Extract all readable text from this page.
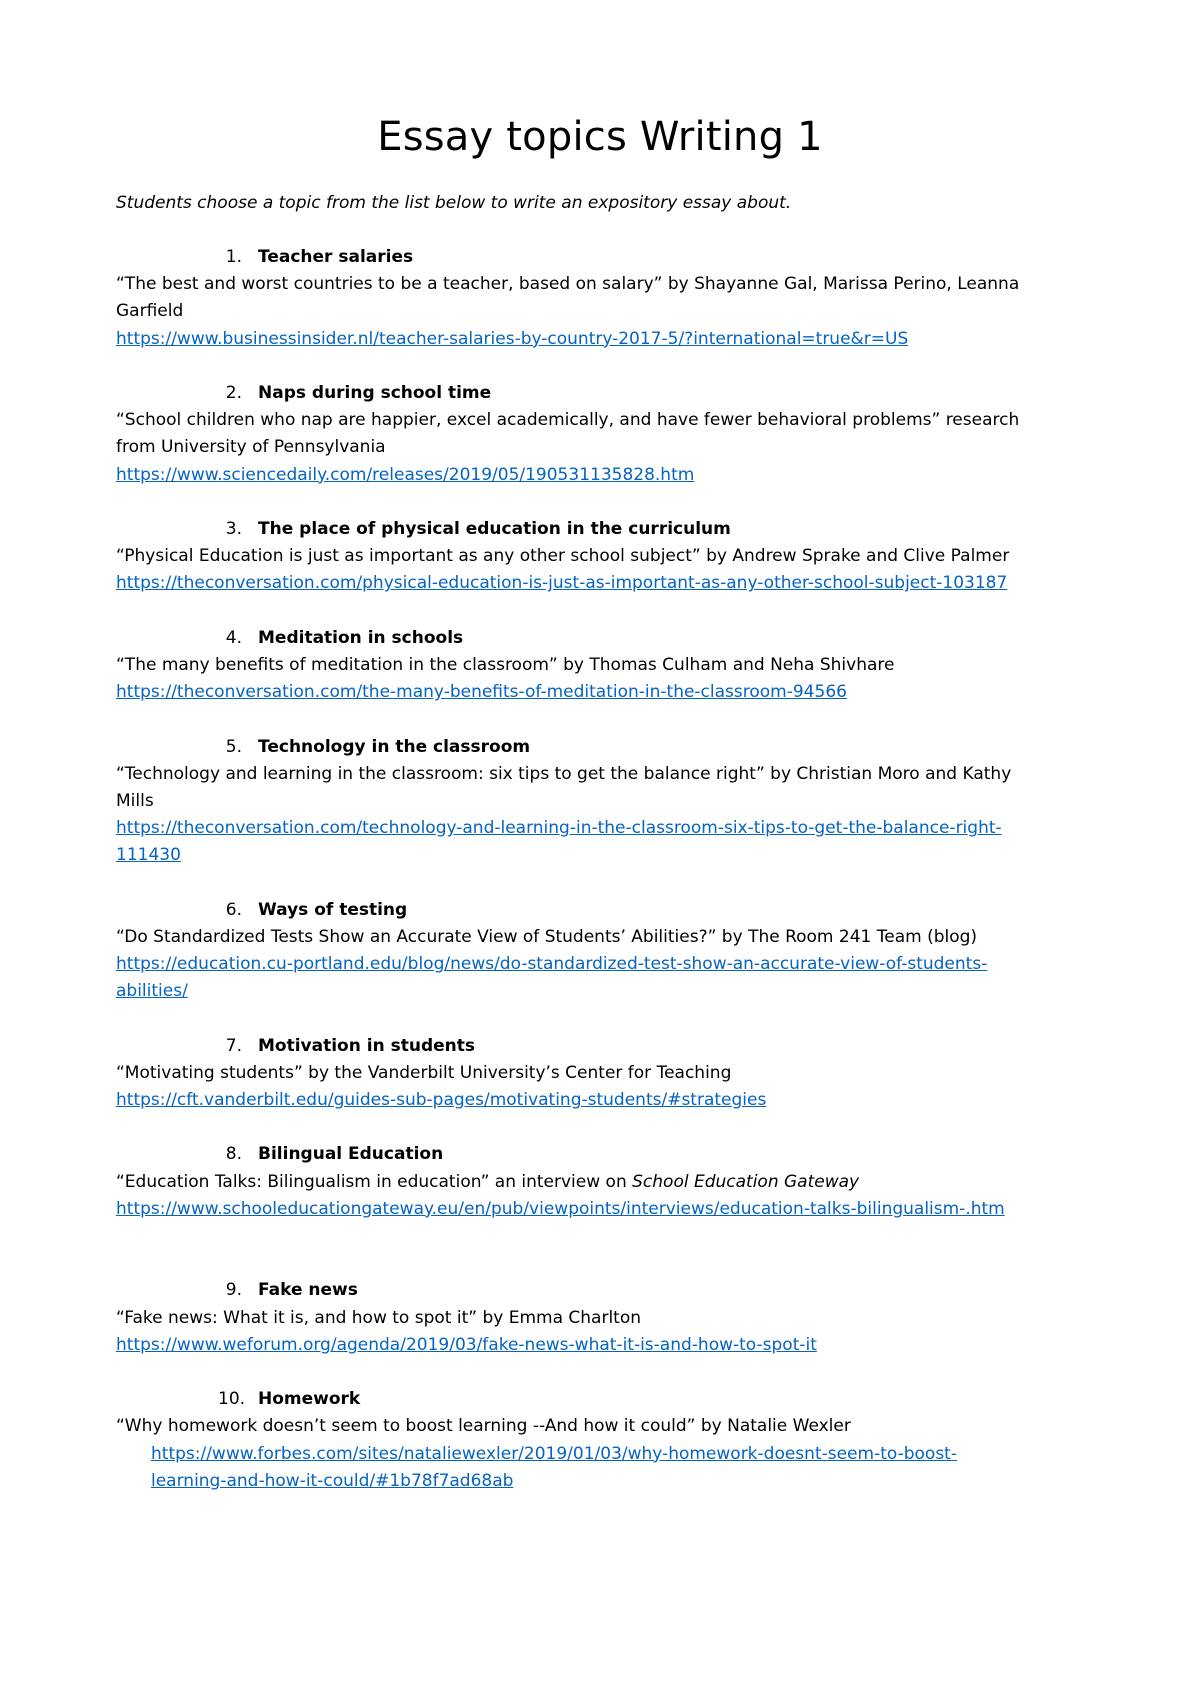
Essay topics Writing 1
Students choose a topic from the list below to write an expository essay about.
1. Teacher salaries
“The best and worst countries to be a teacher, based on salary” by Shayanne Gal, Marissa Perino, Leanna
Garfield
https://www.businessinsider.nl/teacher-salaries-by-country-2017-5/?international=true&r=US
2. Naps during school time
“School children who nap are happier, excel academically, and have fewer behavioral problems” research
from University of Pennsylvania
https://www.sciencedaily.com/releases/2019/05/190531135828.htm
3. The place of physical education in the curriculum
“Physical Education is just as important as any other school subject” by Andrew Sprake and Clive Palmer
https://theconversation.com/physical-education-is-just-as-important-as-any-other-school-subject-103187
4. Meditation in schools
“The many benefits of meditation in the classroom” by Thomas Culham and Neha Shivhare
https://theconversation.com/the-many-benefits-of-meditation-in-the-classroom-94566
5. Technology in the classroom
“Technology and learning in the classroom: six tips to get the balance right” by Christian Moro and Kathy
Mills
https://theconversation.com/technology-and-learning-in-the-classroom-six-tips-to-get-the-balance-right-
111430
6. Ways of testing
“Do Standardized Tests Show an Accurate View of Students’ Abilities?” by The Room 241 Team (blog)
https://education.cu-portland.edu/blog/news/do-standardized-test-show-an-accurate-view-of-students-
abilities/
7. Motivation in students
“Motivating students” by the Vanderbilt University’s Center for Teaching
https://cft.vanderbilt.edu/guides-sub-pages/motivating-students/#strategies
8. Bilingual Education
“Education Talks: Bilingualism in education” an interview on School Education Gateway
https://www.schooleducationgateway.eu/en/pub/viewpoints/interviews/education-talks-bilingualism-.htm
9. Fake news
“Fake news: What it is, and how to spot it” by Emma Charlton
https://www.weforum.org/agenda/2019/03/fake-news-what-it-is-and-how-to-spot-it
10. Homework
“Why homework doesn’t seem to boost learning --And how it could” by Natalie Wexler
https://www.forbes.com/sites/nataliewexler/2019/01/03/why-homework-doesnt-seem-to-boost-
learning-and-how-it-could/#1b78f7ad68ab
